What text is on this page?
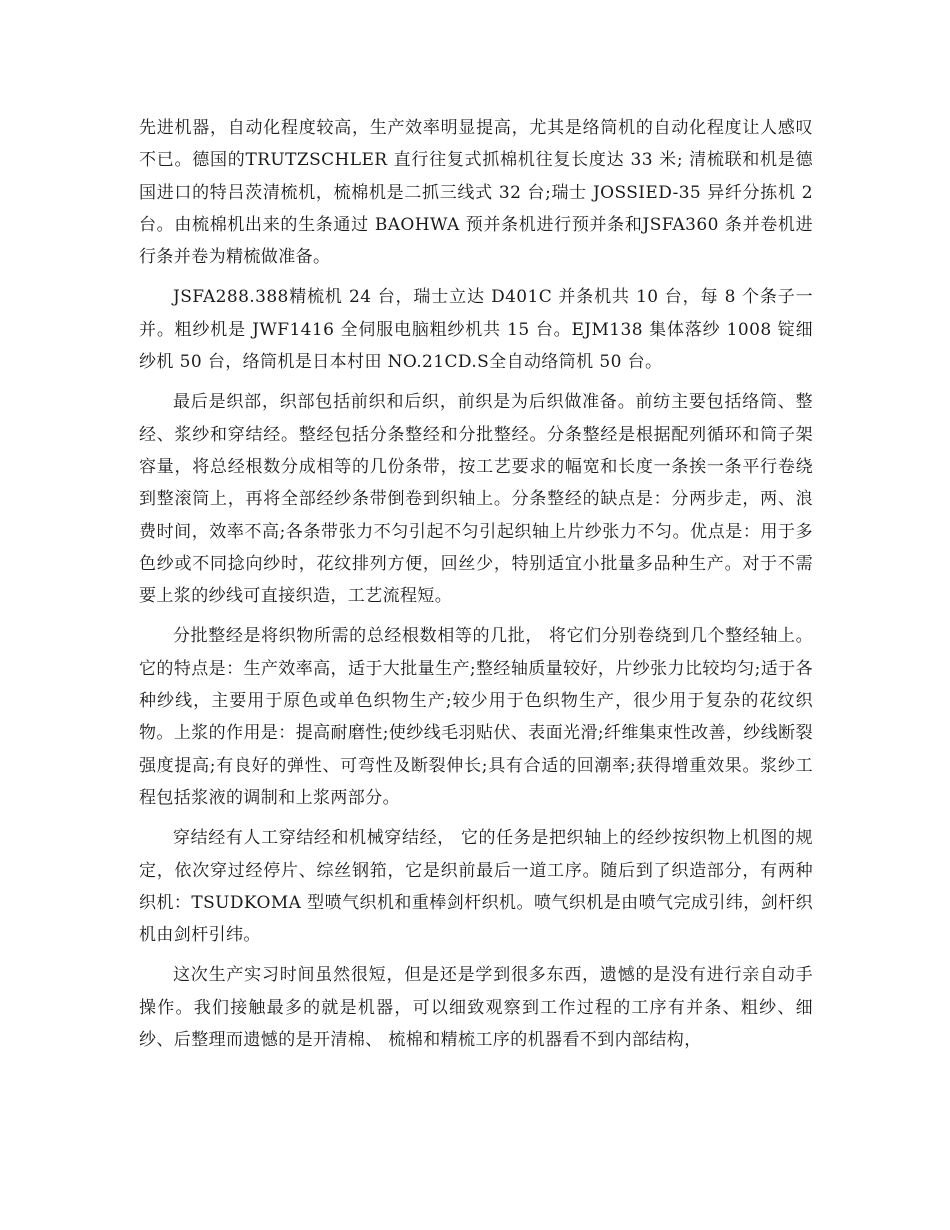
先进机器，自动化程度较高，生产效率明显提高，尤其是络筒机的自动化程度让人感叹不已。德国的TRUTZSCHLER 直行往复式抓棉机往复长度达 33 米; 清梳联和机是德国进口的特吕茨清梳机，梳棉机是二抓三线式 32 台;瑞士 JOSSIED-35 异纤分拣机 2 台。由梳棉机出来的生条通过 BAOHWA 预并条机进行预并条和JSFA360 条并卷机进行条并卷为精梳做准备。

JSFA288.388精梳机 24 台，瑞士立达 D401C 并条机共 10 台，每 8 个条子一并。粗纱机是 JWF1416 全伺服电脑粗纱机共 15 台。EJM138 集体落纱 1008 锭细纱机 50 台，络筒机是日本村田 NO.21CD.S全自动络筒机 50 台。

最后是织部，织部包括前织和后织，前织是为后织做准备。前纺主要包括络筒、整经、浆纱和穿结经。整经包括分条整经和分批整经。分条整经是根据配列循环和筒子架容量，将总经根数分成相等的几份条带，按工艺要求的幅宽和长度一条挨一条平行卷绕到整滚筒上，再将全部经纱条带倒卷到织轴上。分条整经的缺点是：分两步走，两、浪费时间，效率不高;各条带张力不匀引起不匀引起织轴上片纱张力不匀。优点是：用于多色纱或不同捻向纱时，花纹排列方便，回丝少，特别适宜小批量多品种生产。对于不需要上浆的纱线可直接织造，工艺流程短。

分批整经是将织物所需的总经根数相等的几批， 将它们分别卷绕到几个整经轴上。它的特点是：生产效率高，适于大批量生产;整经轴质量较好，片纱张力比较均匀;适于各种纱线，主要用于原色或单色织物生产;较少用于色织物生产，很少用于复杂的花纹织物。上浆的作用是：提高耐磨性;使纱线毛羽贴伏、表面光滑;纤维集束性改善，纱线断裂强度提高;有良好的弹性、可弯性及断裂伸长;具有合适的回潮率;获得增重效果。浆纱工程包括浆液的调制和上浆两部分。

穿结经有人工穿结经和机械穿结经， 它的任务是把织轴上的经纱按织物上机图的规定，依次穿过经停片、综丝钢筘，它是织前最后一道工序。随后到了织造部分，有两种织机：TSUDKOMA 型喷气织机和重棒剑杆织机。喷气织机是由喷气完成引纬，剑杆织机由剑杆引纬。

这次生产实习时间虽然很短，但是还是学到很多东西，遗憾的是没有进行亲自动手操作。我们接触最多的就是机器，可以细致观察到工作过程的工序有并条、粗纱、细纱、后整理而遗憾的是开清棉、 梳棉和精梳工序的机器看不到内部结构，
